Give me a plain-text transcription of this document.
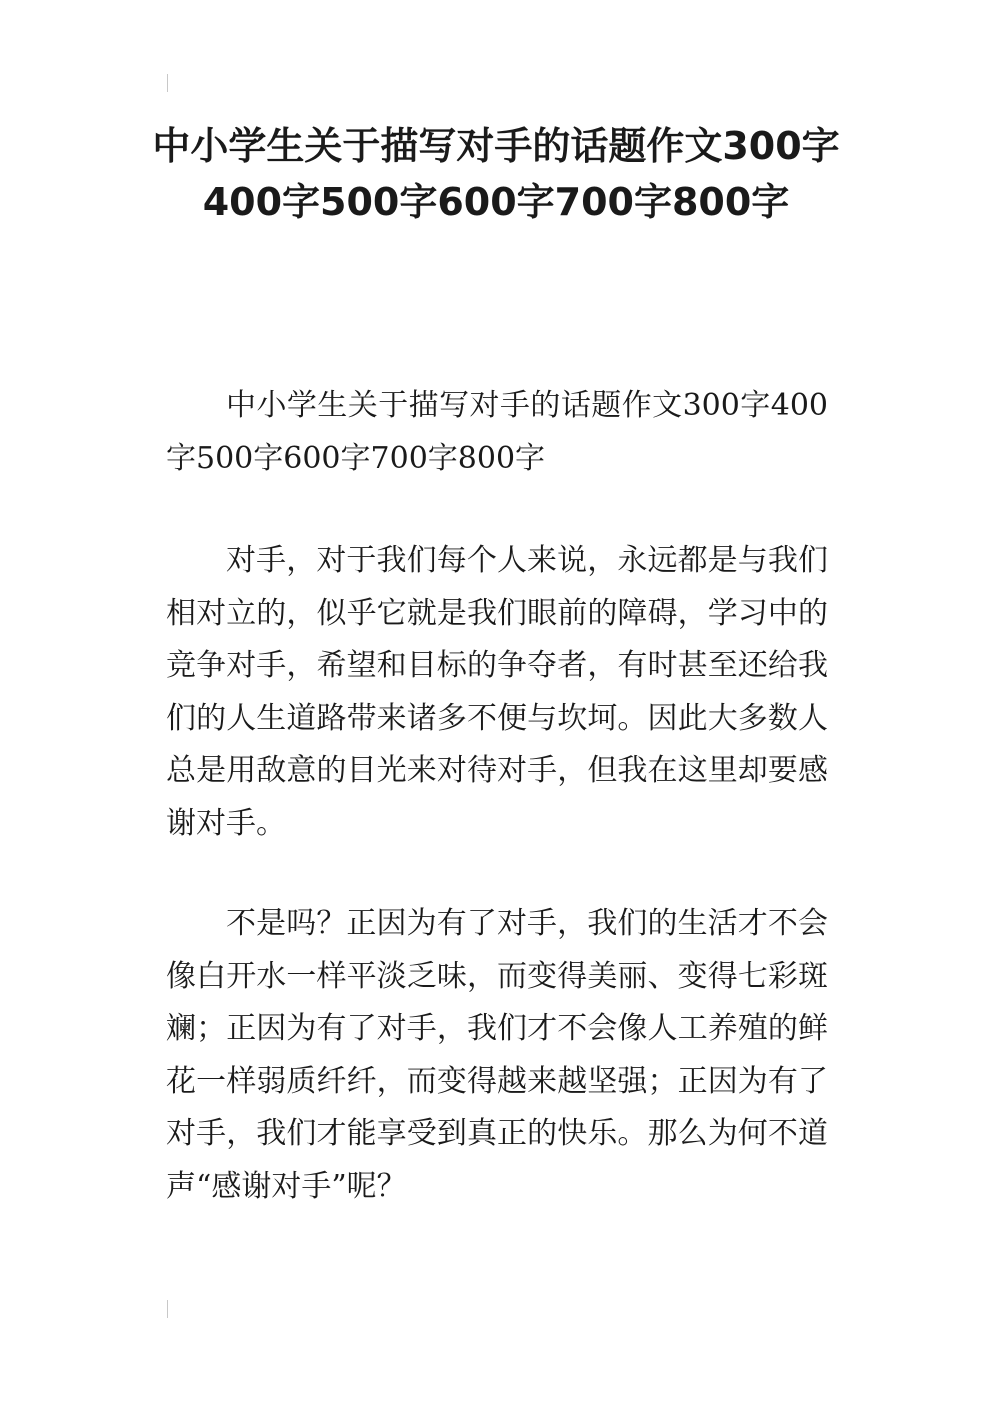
中小学生关于描写对手的话题作文300字400字500字600字700字800字

中小学生关于描写对手的话题作文300字400字500字600字700字800字

对手，对于我们每个人来说，永远都是与我们相对立的，似乎它就是我们眼前的障碍，学习中的竞争对手，希望和目标的争夺者，有时甚至还给我们的人生道路带来诸多不便与坎坷。因此大多数人总是用敌意的目光来对待对手，但我在这里却要感谢对手。

不是吗？正因为有了对手，我们的生活才不会像白开水一样平淡乏味，而变得美丽、变得七彩斑斓；正因为有了对手，我们才不会像人工养殖的鲜花一样弱质纤纤，而变得越来越坚强；正因为有了对手，我们才能享受到真正的快乐。那么为何不道声“感谢对手”呢？
